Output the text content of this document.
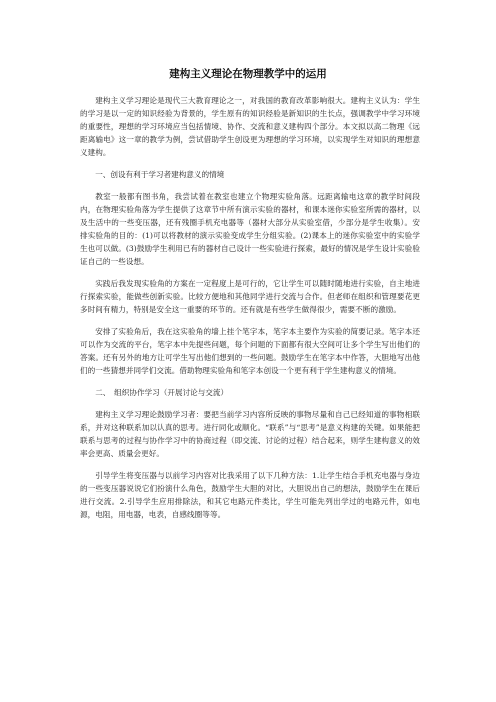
建构主义理论在物理教学中的运用

建构主义学习理论是现代三大教育理论之一，对我国的教育改革影响很大。建构主义认为：学生的学习是以一定的知识经验为背景的，学生原有的知识经验是新知识的生长点，强调教学中学习环境的重要性，理想的学习环境应当包括情境、协作、交流和意义建构四个部分。本文拟以高二物理《远距离输电》这一章的教学为例，尝试借助学生创设更为理想的学习环境，以实现学生对知识的理想意义建构。

一、创设有利于学习者建构意义的情境

教室一般都有图书角，我尝试着在教室也建立个物理实验角落。远距离输电这章的教学时间段内，在物理实验角落为学生提供了这章节中所有演示实验的器材，和课本迷你实验室所需的器材，以及生活中的一些变压器，还有残圈手机充电器等（器材大部分从实验室借，少部分是学生收集）。安排实验角的目的：(1)可以将教材的演示实验变成学生分组实验。(2)课本上的迷你实验室中的实验学生也可以做。(3)鼓励学生利用已有的器材自己设计一些实验进行探索，最好的情况是学生设计实验验证自己的一些设想。

实践后我发现实验角的方案在一定程度上是可行的，它让学生可以随时随地进行实验，自主地进行探索实验，能做些创新实验。比较方便地和其他同学进行交流与合作。但老师在组织和管理要花更多时间有精力，特别是安全这一重要的环节的。还有就是有些学生做得很少，需要不断的激励。

安排了实验角后，我在这实验角的墙上挂个笔字本，笔字本主要作为实验的简要记录。笔字本还可以作为交流的平台，笔字本中先提些问题，每个问题的下面都有很大空间可让多个学生写出他们的答案。还有另外的地方让可学生写出他们想到的一些问题。鼓励学生在笔字本中作答，大胆地写出他们的一些猜想并同学们交流。借助物理实验角和笔字本创设一个更有利于学生建构意义的情境。

二、　组织协作学习（开展讨论与交流）

建构主义学习理论鼓励学习者：要把当前学习内容所反映的事物尽量和自己已经知道的事物相联系，并对这种联系加以认真的思考。进行同化或顺化。“联系”与“思考”是意义构建的关键。如果能把联系与思考的过程与协作学习中的协商过程（即交流、讨论的过程）结合起来，则学生建构意义的效率会更高、质量会更好。

引导学生将变压器与以前学习内容对比我采用了以下几种方法：1.让学生结合手机充电器与身边的一些变压器说说它们扮演什么角色，鼓励学生大胆的对比，大胆说出自己的想法，鼓励学生在课后进行交流。2.引导学生应用排除法，和其它电路元件类比，学生可能先列出学过的电路元件，如电源，电阻，用电器，电表，自感线圈等等。
